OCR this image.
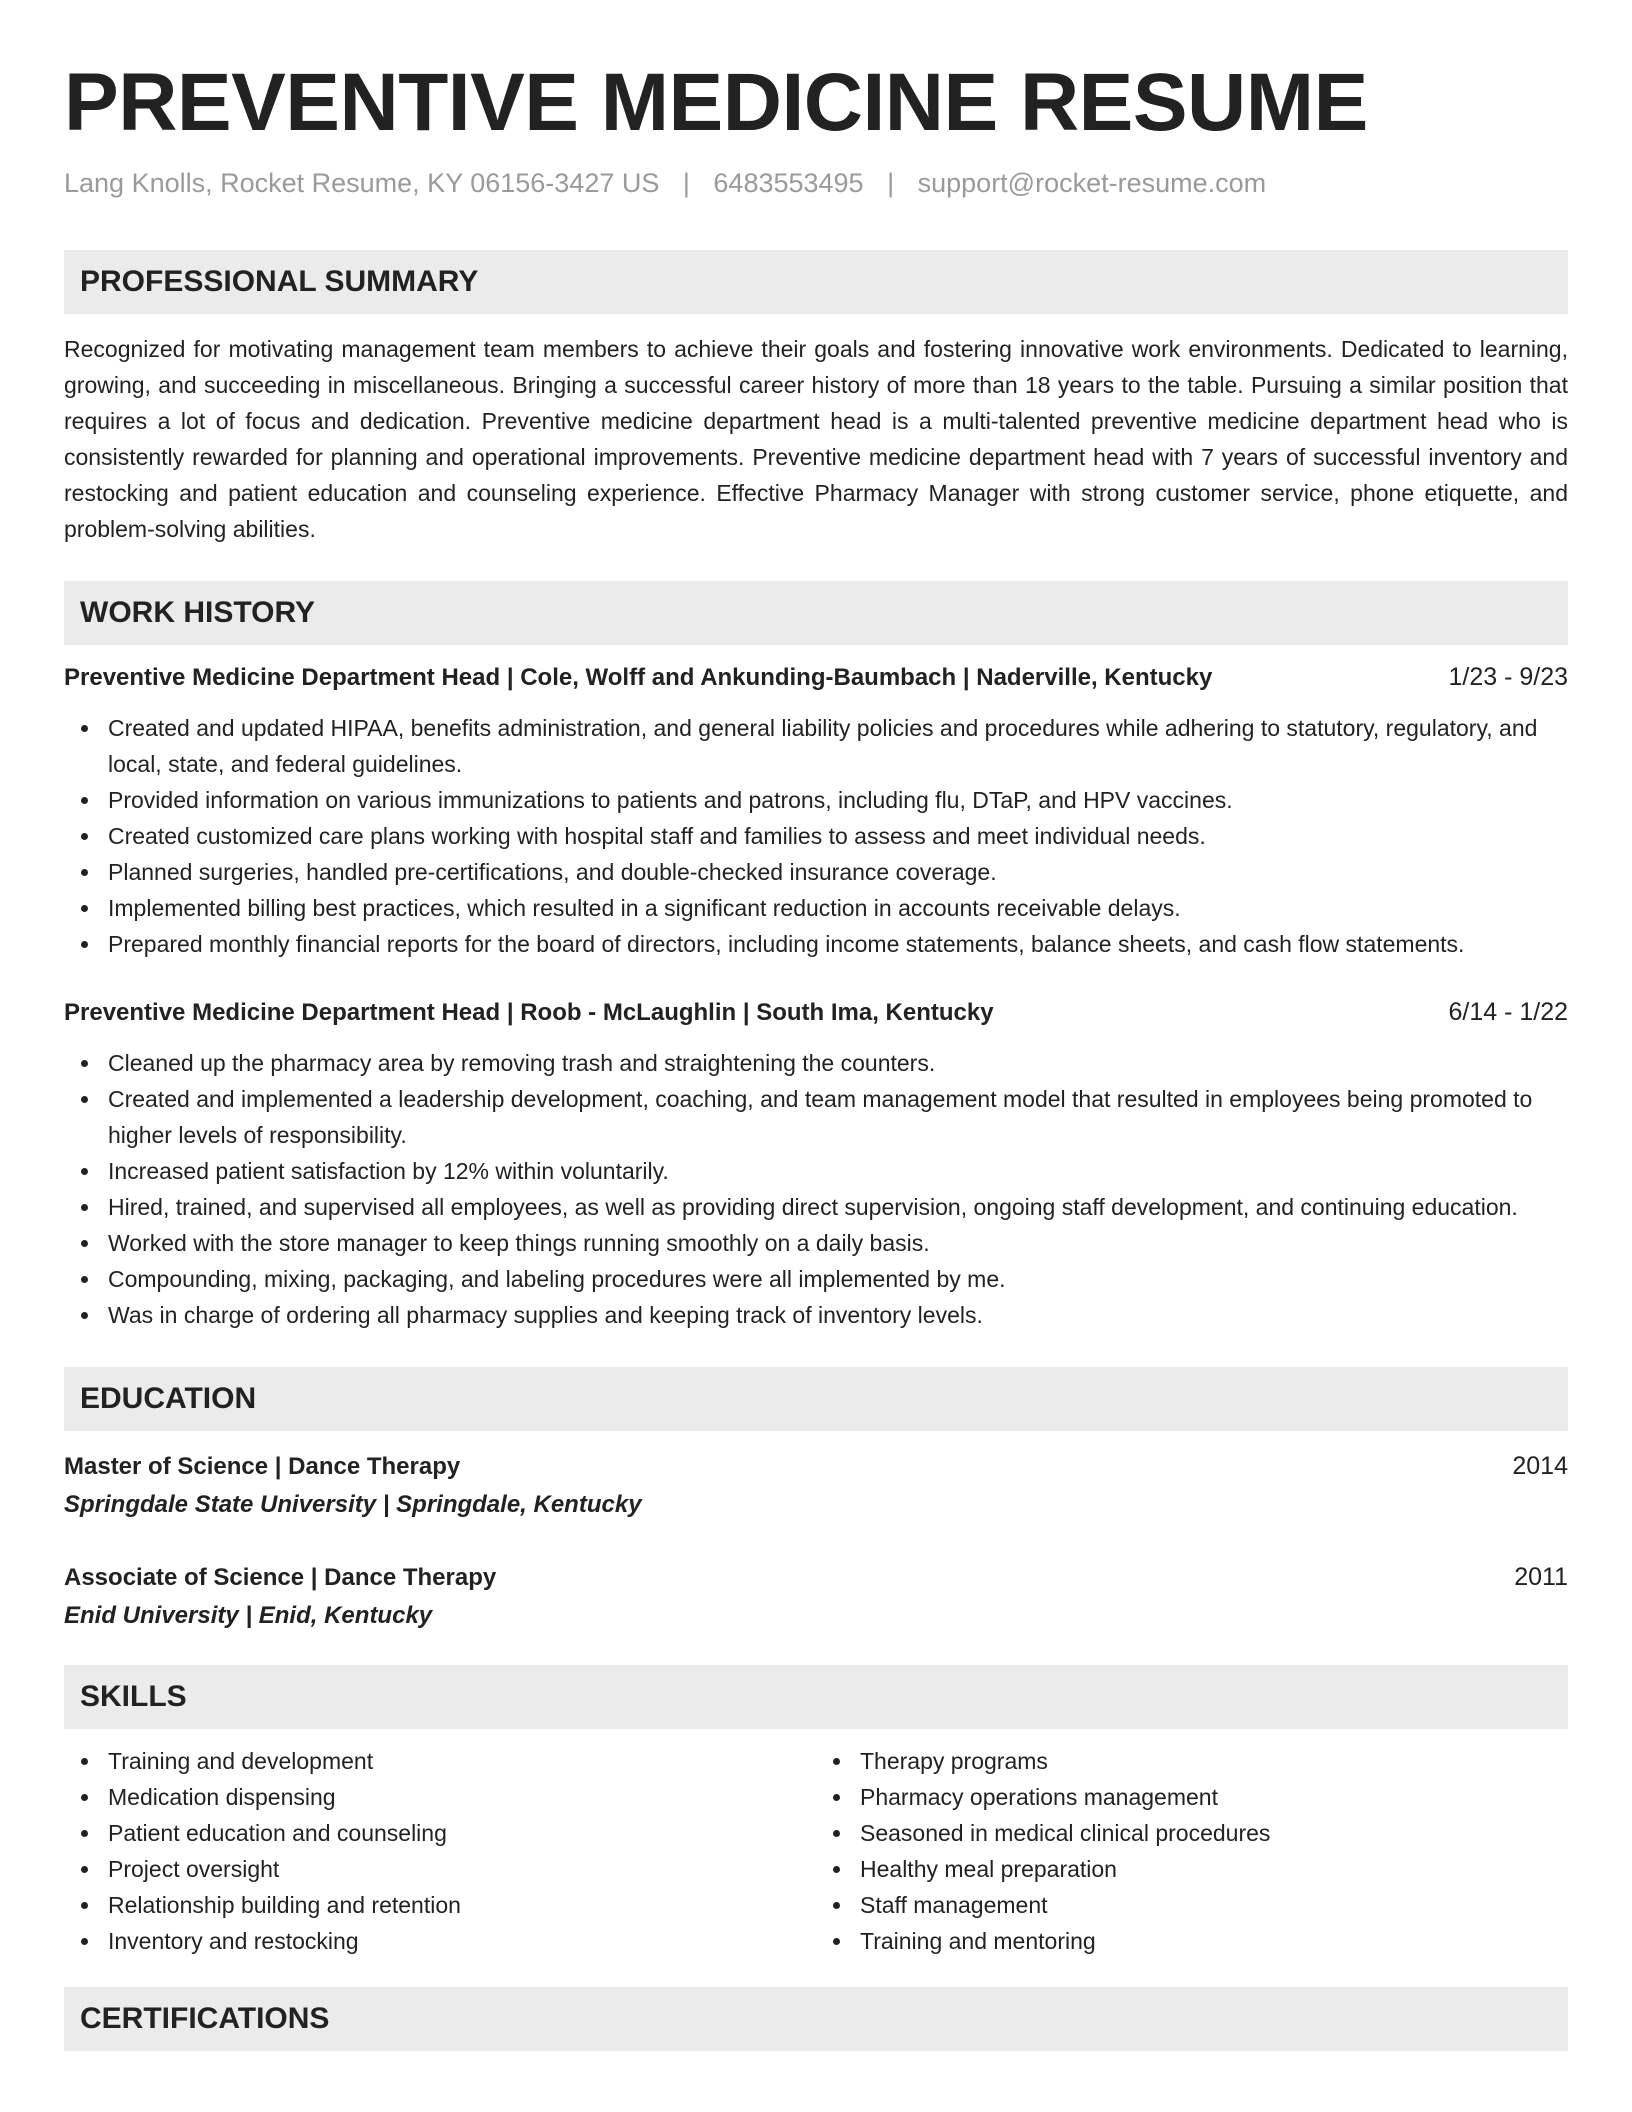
PREVENTIVE MEDICINE RESUME
Lang Knolls, Rocket Resume, KY 06156-3427 US | 6483553495 | support@rocket-resume.com
PROFESSIONAL SUMMARY

Recognized for motivating management team members to achieve their goals and fostering innovative work environments. Dedicated to learning, growing, and succeeding in miscellaneous. Bringing a successful career history of more than 18 years to the table. Pursuing a similar position that requires a lot of focus and dedication. Preventive medicine department head is a multi-talented preventive medicine department head who is consistently rewarded for planning and operational improvements. Preventive medicine department head with 7 years of successful inventory and restocking and patient education and counseling experience. Effective Pharmacy Manager with strong customer service, phone etiquette, and problem-solving abilities.

WORK HISTORY
Preventive Medicine Department Head | Cole, Wolff and Ankunding-Baumbach | Naderville, Kentucky	1/23 - 9/23
Created and updated HIPAA, benefits administration, and general liability policies and procedures while adhering to statutory, regulatory, and local, state, and federal guidelines.
Provided information on various immunizations to patients and patrons, including flu, DTaP, and HPV vaccines.
Created customized care plans working with hospital staff and families to assess and meet individual needs.
Planned surgeries, handled pre-certifications, and double-checked insurance coverage.
Implemented billing best practices, which resulted in a significant reduction in accounts receivable delays.
Prepared monthly financial reports for the board of directors, including income statements, balance sheets, and cash flow statements.
Preventive Medicine Department Head | Roob - McLaughlin | South Ima, Kentucky	6/14 - 1/22
Cleaned up the pharmacy area by removing trash and straightening the counters.
Created and implemented a leadership development, coaching, and team management model that resulted in employees being promoted to higher levels of responsibility.
Increased patient satisfaction by 12% within voluntarily.
Hired, trained, and supervised all employees, as well as providing direct supervision, ongoing staff development, and continuing education.
Worked with the store manager to keep things running smoothly on a daily basis.
Compounding, mixing, packaging, and labeling procedures were all implemented by me.
Was in charge of ordering all pharmacy supplies and keeping track of inventory levels.
EDUCATION
Master of Science | Dance Therapy	2014
Springdale State University | Springdale, Kentucky
Associate of Science | Dance Therapy	2011
Enid University | Enid, Kentucky
SKILLS
Training and development
Medication dispensing
Patient education and counseling
Project oversight
Relationship building and retention
Inventory and restocking
Therapy programs
Pharmacy operations management
Seasoned in medical clinical procedures
Healthy meal preparation
Staff management
Training and mentoring
CERTIFICATIONS
